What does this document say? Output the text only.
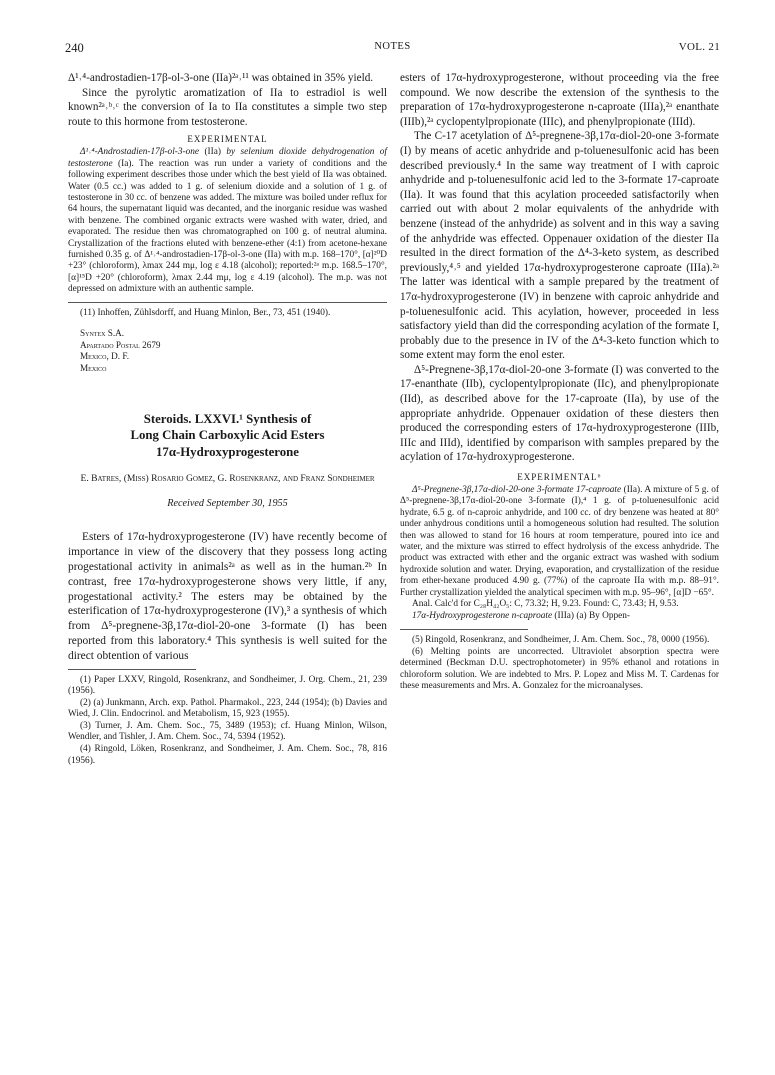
240	NOTES	VOL. 21

Δ¹˒⁴-androstadien-17β-ol-3-one (IIa)²ᵃ˒¹¹ was obtained in 35% yield.

Since the pyrolytic aromatization of IIa to estradiol is well known²ᵃ˒ᵇ˒ᶜ the conversion of Ia to IIa constitutes a simple two step route to this hormone from testosterone.

EXPERIMENTAL

Δ¹˒⁴-Androstadien-17β-ol-3-one (IIa) by selenium dioxide dehydrogenation of testosterone (Ia). The reaction was run under a variety of conditions and the following experiment describes those under which the best yield of IIa was obtained. Water (0.5 cc.) was added to 1 g. of selenium dioxide and a solution of 1 g. of testosterone in 30 cc. of benzene was added. The mixture was boiled under reflux for 64 hours, the supernatant liquid was decanted, and the inorganic residue was washed with benzene. The combined organic extracts were washed with water, dried, and evaporated. The residue then was chromatographed on 100 g. of neutral alumina. Crystallization of the fractions eluted with benzene-ether (4:1) from acetone-hexane furnished 0.35 g. of Δ¹˒⁴-androstadien-17β-ol-3-one (IIa) with m.p. 168–170°, [α]²⁰D +23° (chloroform), λmax 244 mμ, log ε 4.18 (alcohol); reported:²ᵃ m.p. 168.5–170°, [α]¹⁵D +20° (chloroform), λmax 2.44 mμ, log ε 4.19 (alcohol). The m.p. was not depressed on admixture with an authentic sample.

(11) Inhoffen, Zühlsdorff, and Huang Minlon, Ber., 73, 451 (1940).

Syntex S.A.
Apartado Postal 2679
Mexico, D. F.
Mexico
Steroids. LXXVI.¹ Synthesis of
Long Chain Carboxylic Acid Esters
17α-Hydroxyprogesterone
E. Batres, (Miss) Rosario Gomez, G. Rosenkranz, and Franz Sondheimer
Received September 30, 1955

Esters of 17α-hydroxyprogesterone (IV) have recently become of importance in view of the discovery that they possess long acting progestational activity in animals²ᵃ as well as in the human.²ᵇ In contrast, free 17α-hydroxyprogesterone shows very little, if any, progestational activity.² The esters may be obtained by the esterification of 17α-hydroxyprogesterone (IV),³ a synthesis of which from Δ⁵-pregnene-3β,17α-diol-20-one 3-formate (I) has been reported from this laboratory.⁴ This synthesis is well suited for the direct obtention of various

(1) Paper LXXV, Ringold, Rosenkranz, and Sondheimer, J. Org. Chem., 21, 239 (1956).

(2) (a) Junkmann, Arch. exp. Pathol. Pharmakol., 223, 244 (1954); (b) Davies and Wied, J. Clin. Endocrinol. and Metabolism, 15, 923 (1955).

(3) Turner, J. Am. Chem. Soc., 75, 3489 (1953); cf. Huang Minlon, Wilson, Wendler, and Tishler, J. Am. Chem. Soc., 74, 5394 (1952).

(4) Ringold, Löken, Rosenkranz, and Sondheimer, J. Am. Chem. Soc., 78, 816 (1956).

esters of 17α-hydroxyprogesterone, without proceeding via the free compound. We now describe the extension of the synthesis to the preparation of 17α-hydroxyprogesterone n-caproate (IIIa),²ᵃ enanthate (IIIb),²ᵃ cyclopentylpropionate (IIIc), and phenylpropionate (IIId).

The C-17 acetylation of Δ⁵-pregnene-3β,17α-diol-20-one 3-formate (I) by means of acetic anhydride and p-toluenesulfonic acid has been described previously.⁴ In the same way treatment of I with caproic anhydride and p-toluenesulfonic acid led to the 3-formate 17-caproate (IIa). It was found that this acylation proceeded satisfactorily when carried out with about 2 molar equivalents of the anhydride with benzene (instead of the anhydride) as solvent and in this way a saving of the anhydride was effected. Oppenauer oxidation of the diester IIa resulted in the direct formation of the Δ⁴-3-keto system, as described previously,⁴˒⁵ and yielded 17α-hydroxyprogesterone caproate (IIIa).²ᵃ The latter was identical with a sample prepared by the treatment of 17α-hydroxyprogesterone (IV) in benzene with caproic anhydride and p-toluenesulfonic acid. This acylation, however, proceeded in less satisfactory yield than did the corresponding acylation of the formate I, probably due to the presence in IV of the Δ⁴-3-keto function which to some extent may form the enol ester.

Δ⁵-Pregnene-3β,17α-diol-20-one 3-formate (I) was converted to the 17-enanthate (IIb), cyclopentylpropionate (IIc), and phenylpropionate (IId), as described above for the 17-caproate (IIa), by use of the appropriate anhydride. Oppenauer oxidation of these diesters then produced the corresponding esters of 17α-hydroxyprogesterone (IIIb, IIIc and IIId), identified by comparison with samples prepared by the acylation of 17α-hydroxyprogesterone.

EXPERIMENTAL⁶

Δ⁵-Pregnene-3β,17α-diol-20-one 3-formate 17-caproate (IIa). A mixture of 5 g. of Δ⁵-pregnene-3β,17α-diol-20-one 3-formate (I),⁴ 1 g. of p-toluenesulfonic acid hydrate, 6.5 g. of n-caproic anhydride, and 100 cc. of dry benzene was heated at 80° under anhydrous conditions until a homogeneous solution had resulted. The solution then was allowed to stand for 16 hours at room temperature, poured into ice and water, and the mixture was stirred to effect hydrolysis of the excess anhydride. The product was extracted with ether and the organic extract was washed with sodium hydroxide solution and water. Drying, evaporation, and crystallization of the residue from ether-hexane produced 4.90 g. (77%) of the caproate IIa with m.p. 88–91°. Further crystallization yielded the analytical specimen with m.p. 95–96°, [α]D −65°.

Anal. Calc'd for C₂₈H₄₂O₅: C, 73.32; H, 9.23. Found: C, 73.43; H, 9.53.

17α-Hydroxyprogesterone n-caproate (IIIa) (a) By Oppen-

(5) Ringold, Rosenkranz, and Sondheimer, J. Am. Chem. Soc., 78, 0000 (1956).

(6) Melting points are uncorrected. Ultraviolet absorption spectra were determined (Beckman D.U. spectrophotometer) in 95% ethanol and rotations in chloroform solution. We are indebted to Mrs. P. Lopez and Miss M. T. Cardenas for these measurements and Mrs. A. Gonzalez for the microanalyses.
